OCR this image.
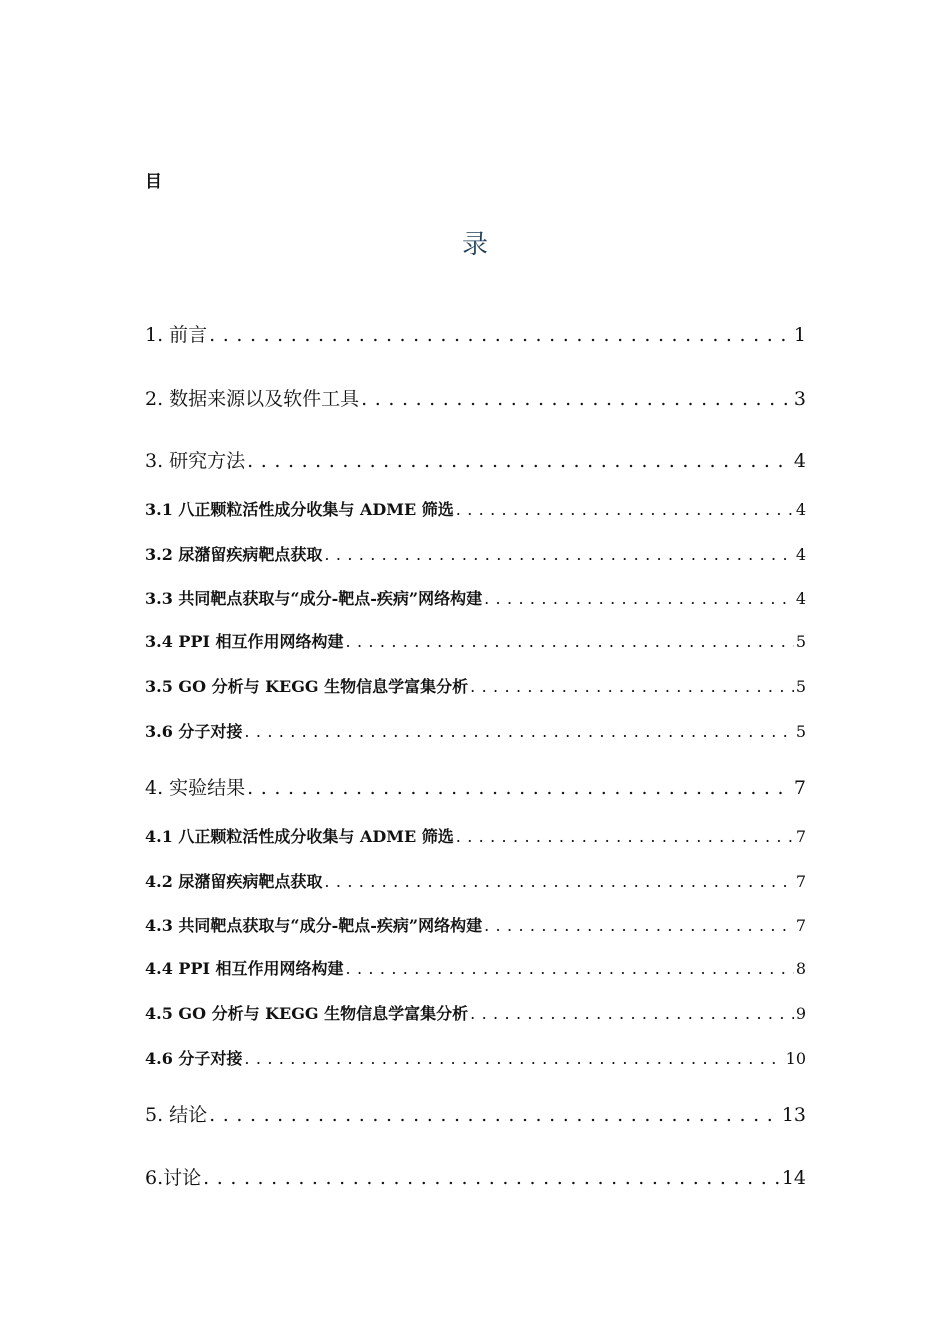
目
录
1. 前言 . . .	1
2. 数据来源以及软件工具 . . .	3
3. 研究方法 . . .	4
3.1 八正颗粒活性成分收集与 ADME 筛选 . . .	4
3.2 尿潴留疾病靶点获取 . . .	4
3.3 共同靶点获取与“成分-靶点-疾病”网络构建 . . .	4
3.4 PPI 相互作用网络构建 . . .	5
3.5 GO 分析与 KEGG 生物信息学富集分析 . . .	5
3.6 分子对接 . . .	5
4. 实验结果 . . .	7
4.1 八正颗粒活性成分收集与 ADME 筛选 . . .	7
4.2 尿潴留疾病靶点获取 . . .	7
4.3 共同靶点获取与“成分-靶点-疾病”网络构建 . . .	7
4.4 PPI 相互作用网络构建 . . .	8
4.5 GO 分析与 KEGG 生物信息学富集分析 . . .	9
4.6 分子对接 . . .	10
5. 结论 . . .	13
6.讨论 . . .	14
